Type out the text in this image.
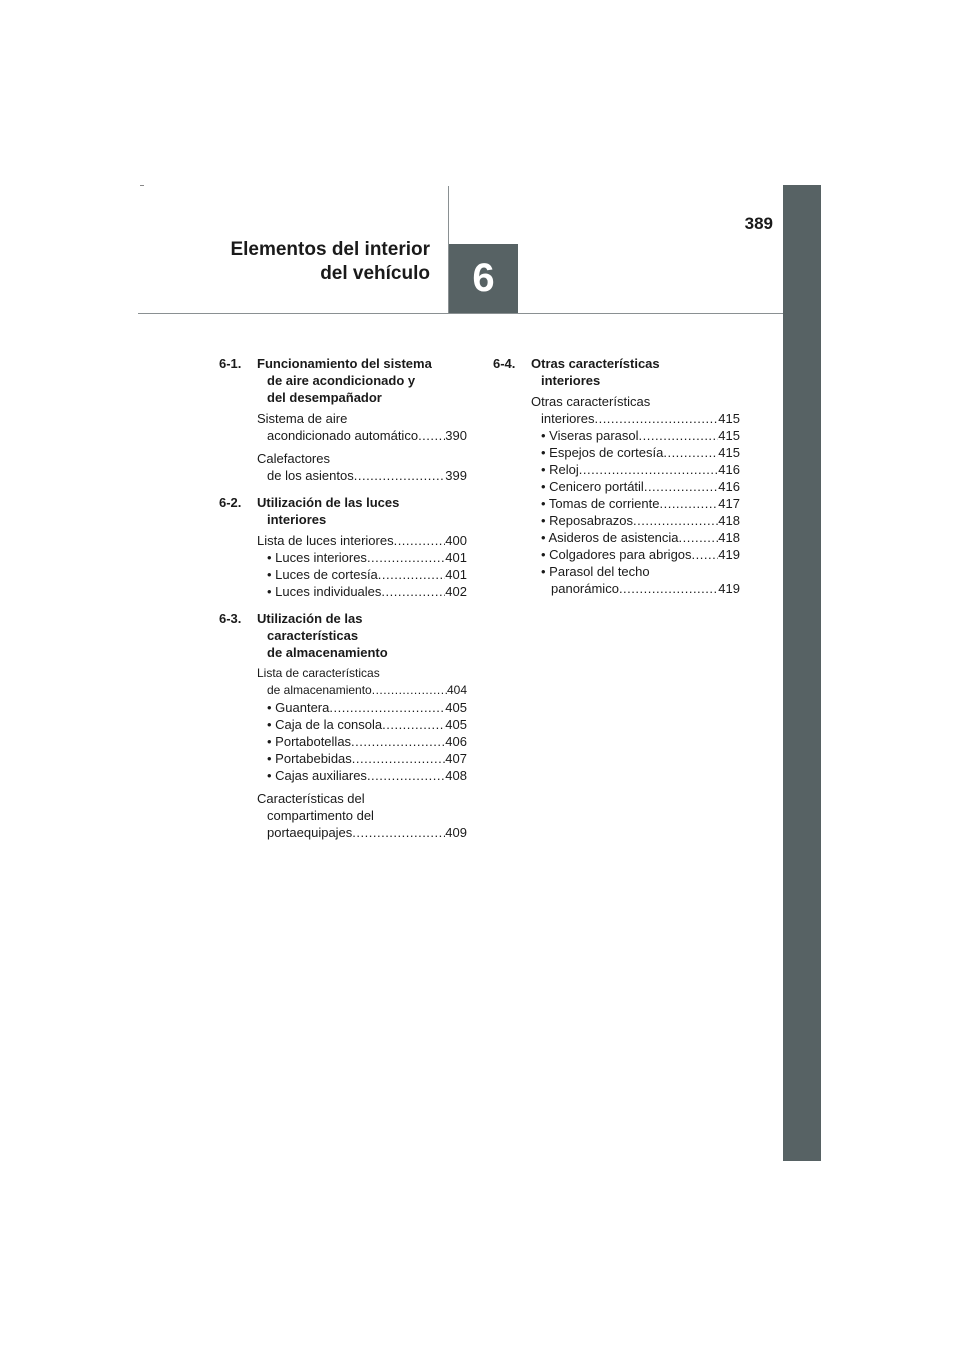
6
389
Elementos del interior
del vehículo
6-1.	Funcionamiento del sistema
de aire acondicionado y
del desempañador
Sistema de aire
acondicionado automático ..... 390
Calefactores
de los asientos .....	399
6-2.	Utilización de las luces
interiores
Lista de luces interiores .....	400
• Luces interiores .....	401
• Luces de cortesía .....	401
• Luces individuales .....	402
6-3.	Utilización de las
características
de almacenamiento
Lista de características
de almacenamiento .....	404
• Guantera .....	405
• Caja de la consola .....	405
• Portabotellas .....	406
• Portabebidas .....	407
• Cajas auxiliares .....	408
Características del
compartimento del
portaequipajes .....	409
6-4.	Otras características
interiores
Otras características
interiores .....	415
• Viseras parasol .....	415
• Espejos de cortesía .....	415
• Reloj .....	416
• Cenicero portátil .....	416
• Tomas de corriente .....	417
• Reposabrazos .....	418
• Asideros de asistencia .....	418
• Colgadores para abrigos ..... 419
• Parasol del techo
panorámico .....	419
